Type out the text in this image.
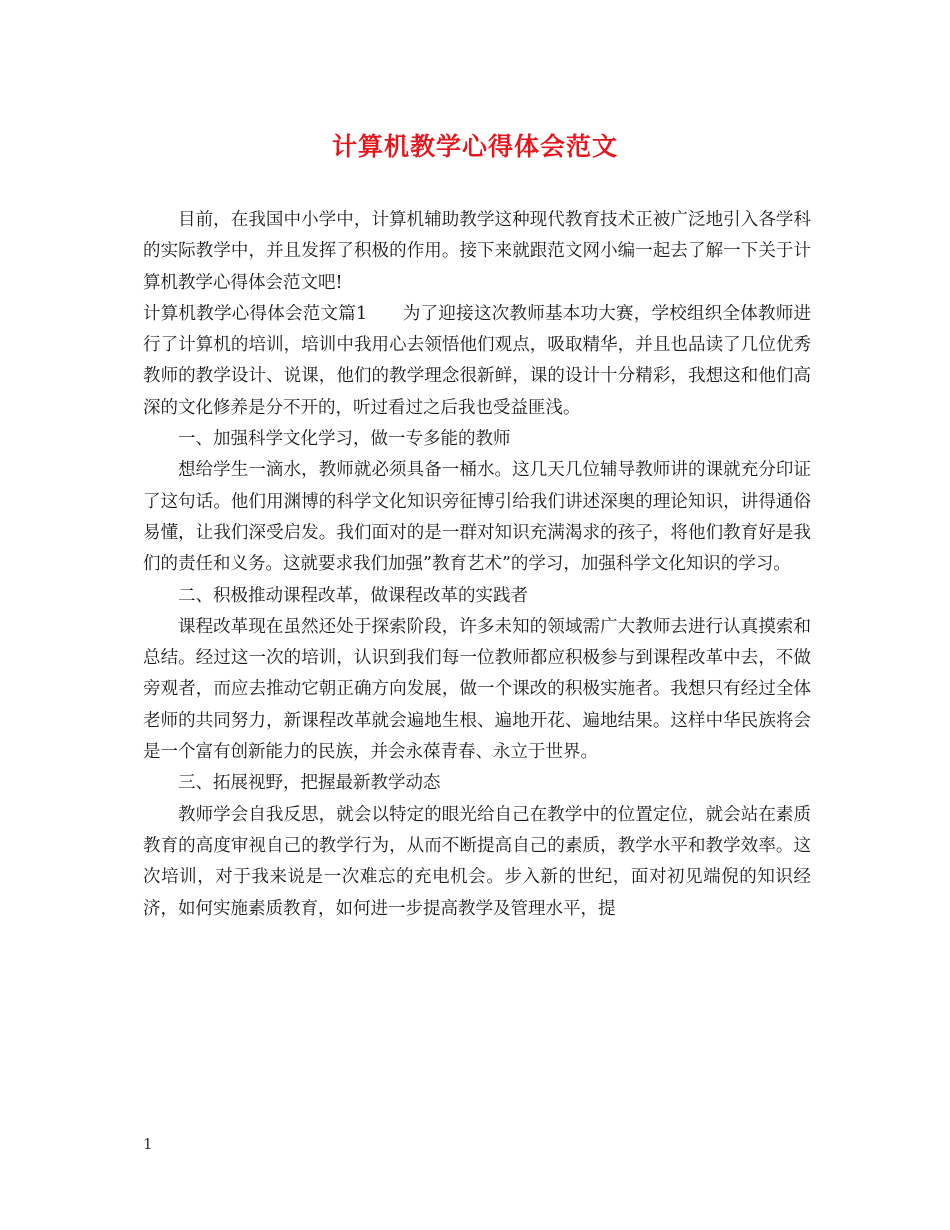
计算机教学心得体会范文

目前，在我国中小学中，计算机辅助教学这种现代教育技术正被广泛地引入各学科的实际教学中，并且发挥了积极的作用。接下来就跟范文网小编一起去了解一下关于计算机教学心得体会范文吧!

计算机教学心得体会范文篇1　　为了迎接这次教师基本功大赛，学校组织全体教师进行了计算机的培训，培训中我用心去领悟他们观点，吸取精华，并且也品读了几位优秀教师的教学设计、说课，他们的教学理念很新鲜，课的设计十分精彩，我想这和他们高深的文化修养是分不开的，听过看过之后我也受益匪浅。

一、加强科学文化学习，做一专多能的教师

想给学生一滴水，教师就必须具备一桶水。这几天几位辅导教师讲的课就充分印证了这句话。他们用渊博的科学文化知识旁征博引给我们讲述深奥的理论知识，讲得通俗易懂，让我们深受启发。我们面对的是一群对知识充满渴求的孩子，将他们教育好是我们的责任和义务。这就要求我们加强”教育艺术”的学习，加强科学文化知识的学习。

二、积极推动课程改革，做课程改革的实践者

课程改革现在虽然还处于探索阶段，许多未知的领域需广大教师去进行认真摸索和总结。经过这一次的培训，认识到我们每一位教师都应积极参与到课程改革中去，不做旁观者，而应去推动它朝正确方向发展，做一个课改的积极实施者。我想只有经过全体老师的共同努力，新课程改革就会遍地生根、遍地开花、遍地结果。这样中华民族将会是一个富有创新能力的民族，并会永葆青春、永立于世界。

三、拓展视野，把握最新教学动态

教师学会自我反思，就会以特定的眼光给自己在教学中的位置定位，就会站在素质教育的高度审视自己的教学行为，从而不断提高自己的素质，教学水平和教学效率。这次培训，对于我来说是一次难忘的充电机会。步入新的世纪，面对初见端倪的知识经济，如何实施素质教育，如何进一步提高教学及管理水平，提

1
